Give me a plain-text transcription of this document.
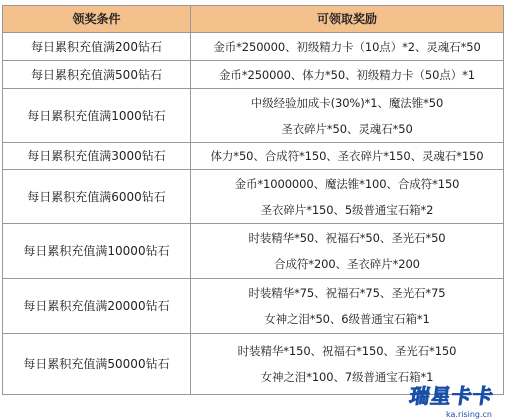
领奖条件	可领取奖励
每日累积充值满200钻石	金币*250000、初级精力卡（10点）*2、灵魂石*50

每日累积充值满500钻石	金币*250000、体力*50、初级精力卡（50点）*1

每日累积充值满1000钻石	中级经验加成卡(30%)*1、魔法锥*50
圣衣碎片*50、灵魂石*50

每日累积充值满3000钻石	体力*50、合成符*150、圣衣碎片*150、灵魂石*150

每日累积充值满6000钻石	金币*1000000、魔法锥*100、合成符*150
圣衣碎片*150、5级普通宝石箱*2

每日累积充值满10000钻石	时装精华*50、祝福石*50、圣光石*50
合成符*200、圣衣碎片*200

每日累积充值满20000钻石	时装精华*75、祝福石*75、圣光石*75
女神之泪*50、6级普通宝石箱*1

每日累积充值满50000钻石	时装精华*150、祝福石*150、圣光石*150
女神之泪*100、7级普通宝石箱*1
瑞星卡卡
ka.rising.cn
